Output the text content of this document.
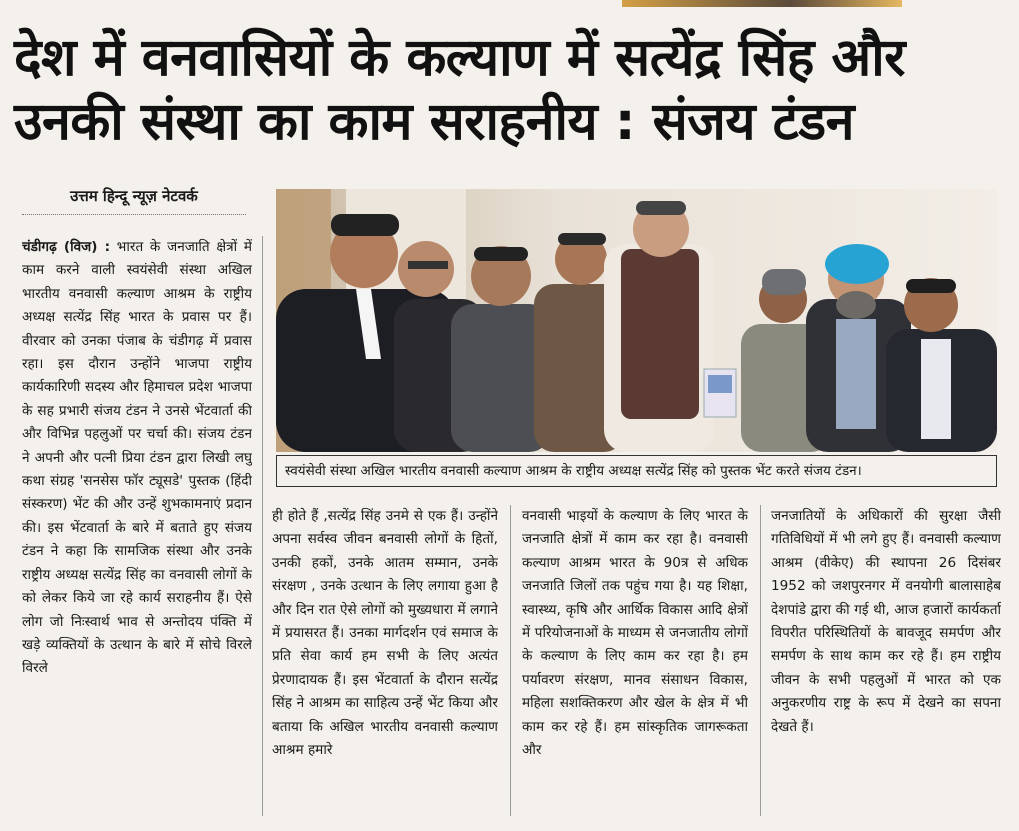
देश में वनवासियों के कल्याण में सत्येंद्र सिंह और
उनकी संस्था का काम सराहनीय : संजय टंडन
उत्तम हिन्दू न्यूज़ नेटवर्क
स्वयंसेवी संस्था अखिल भारतीय वनवासी कल्याण आश्रम के राष्ट्रीय अध्यक्ष सत्येंद्र सिंह को पुस्तक भेंट करते संजय टंडन।

चंडीगढ़ (विज) : भारत के जनजाति क्षेत्रों में काम करने वाली स्वयंसेवी संस्था अखिल भारतीय वनवासी कल्याण आश्रम के राष्ट्रीय अध्यक्ष सत्येंद्र सिंह भारत के प्रवास पर हैं। वीरवार को उनका पंजाब के चंडीगढ़ में प्रवास रहा। इस दौरान उन्होंने भाजपा राष्ट्रीय कार्यकारिणी सदस्य और हिमाचल प्रदेश भाजपा के सह प्रभारी संजय टंडन ने उनसे भेंटवार्ता की और विभिन्न पहलुओं पर चर्चा की। संजय टंडन ने अपनी और पत्नी प्रिया टंडन द्वारा लिखी लघु कथा संग्रह 'सनसेस फॉर ट्यूसडे' पुस्तक (हिंदी संस्करण) भेंट की और उन्हें शुभकामनाएं प्रदान की। इस भेंटवार्ता के बारे में बताते हुए संजय टंडन ने कहा कि सामजिक संस्था और उनके राष्ट्रीय अध्यक्ष सत्येंद्र सिंह का वनवासी लोगों के को लेकर किये जा रहे कार्य सराहनीय हैं। ऐसे लोग जो निःस्वार्थ भाव से अन्तोदय पंक्ति में खड़े व्यक्तियों के उत्थान के बारे में सोचे विरले विरले

ही होते हैं ,सत्येंद्र सिंह उनमे से एक हैं। उन्होंने अपना सर्वस्व जीवन बनवासी लोगों के हितों, उनकी हकों, उनके आतम सम्मान, उनके संरक्षण , उनके उत्थान के लिए लगाया हुआ है और दिन रात ऐसे लोगों को मुख्यधारा में लगाने में प्रयासरत हैं। उनका मार्गदर्शन एवं समाज के प्रति सेवा कार्य हम सभी के लिए अत्यंत प्रेरणादायक हैं। इस भेंटवार्ता के दौरान सत्येंद्र सिंह ने आश्रम का साहित्य उन्हें भेंट किया और बताया कि अखिल भारतीय वनवासी कल्याण आश्रम हमारे

वनवासी भाइयों के कल्याण के लिए भारत के जनजाति क्षेत्रों में काम कर रहा है। वनवासी कल्याण आश्रम भारत के 90त्र से अधिक जनजाति जिलों तक पहुंच गया है। यह शिक्षा, स्वास्थ्य, कृषि और आर्थिक विकास आदि क्षेत्रों में परियोजनाओं के माध्यम से जनजातीय लोगों के कल्याण के लिए काम कर रहा है। हम पर्यावरण संरक्षण, मानव संसाधन विकास, महिला सशक्तिकरण और खेल के क्षेत्र में भी काम कर रहे हैं। हम सांस्कृतिक जागरूकता और

जनजातियों के अधिकारों की सुरक्षा जैसी गतिविधियों में भी लगे हुए हैं। वनवासी कल्याण आश्रम (वीकेए) की स्थापना 26 दिसंबर 1952 को जशपुरनगर में वनयोगी बालासाहेब देशपांडे द्वारा की गई थी, आज हजारों कार्यकर्ता विपरीत परिस्थितियों के बावजूद समर्पण और समर्पण के साथ काम कर रहे हैं। हम राष्ट्रीय जीवन के सभी पहलुओं में भारत को एक अनुकरणीय राष्ट्र के रूप में देखने का सपना देखते हैं।
